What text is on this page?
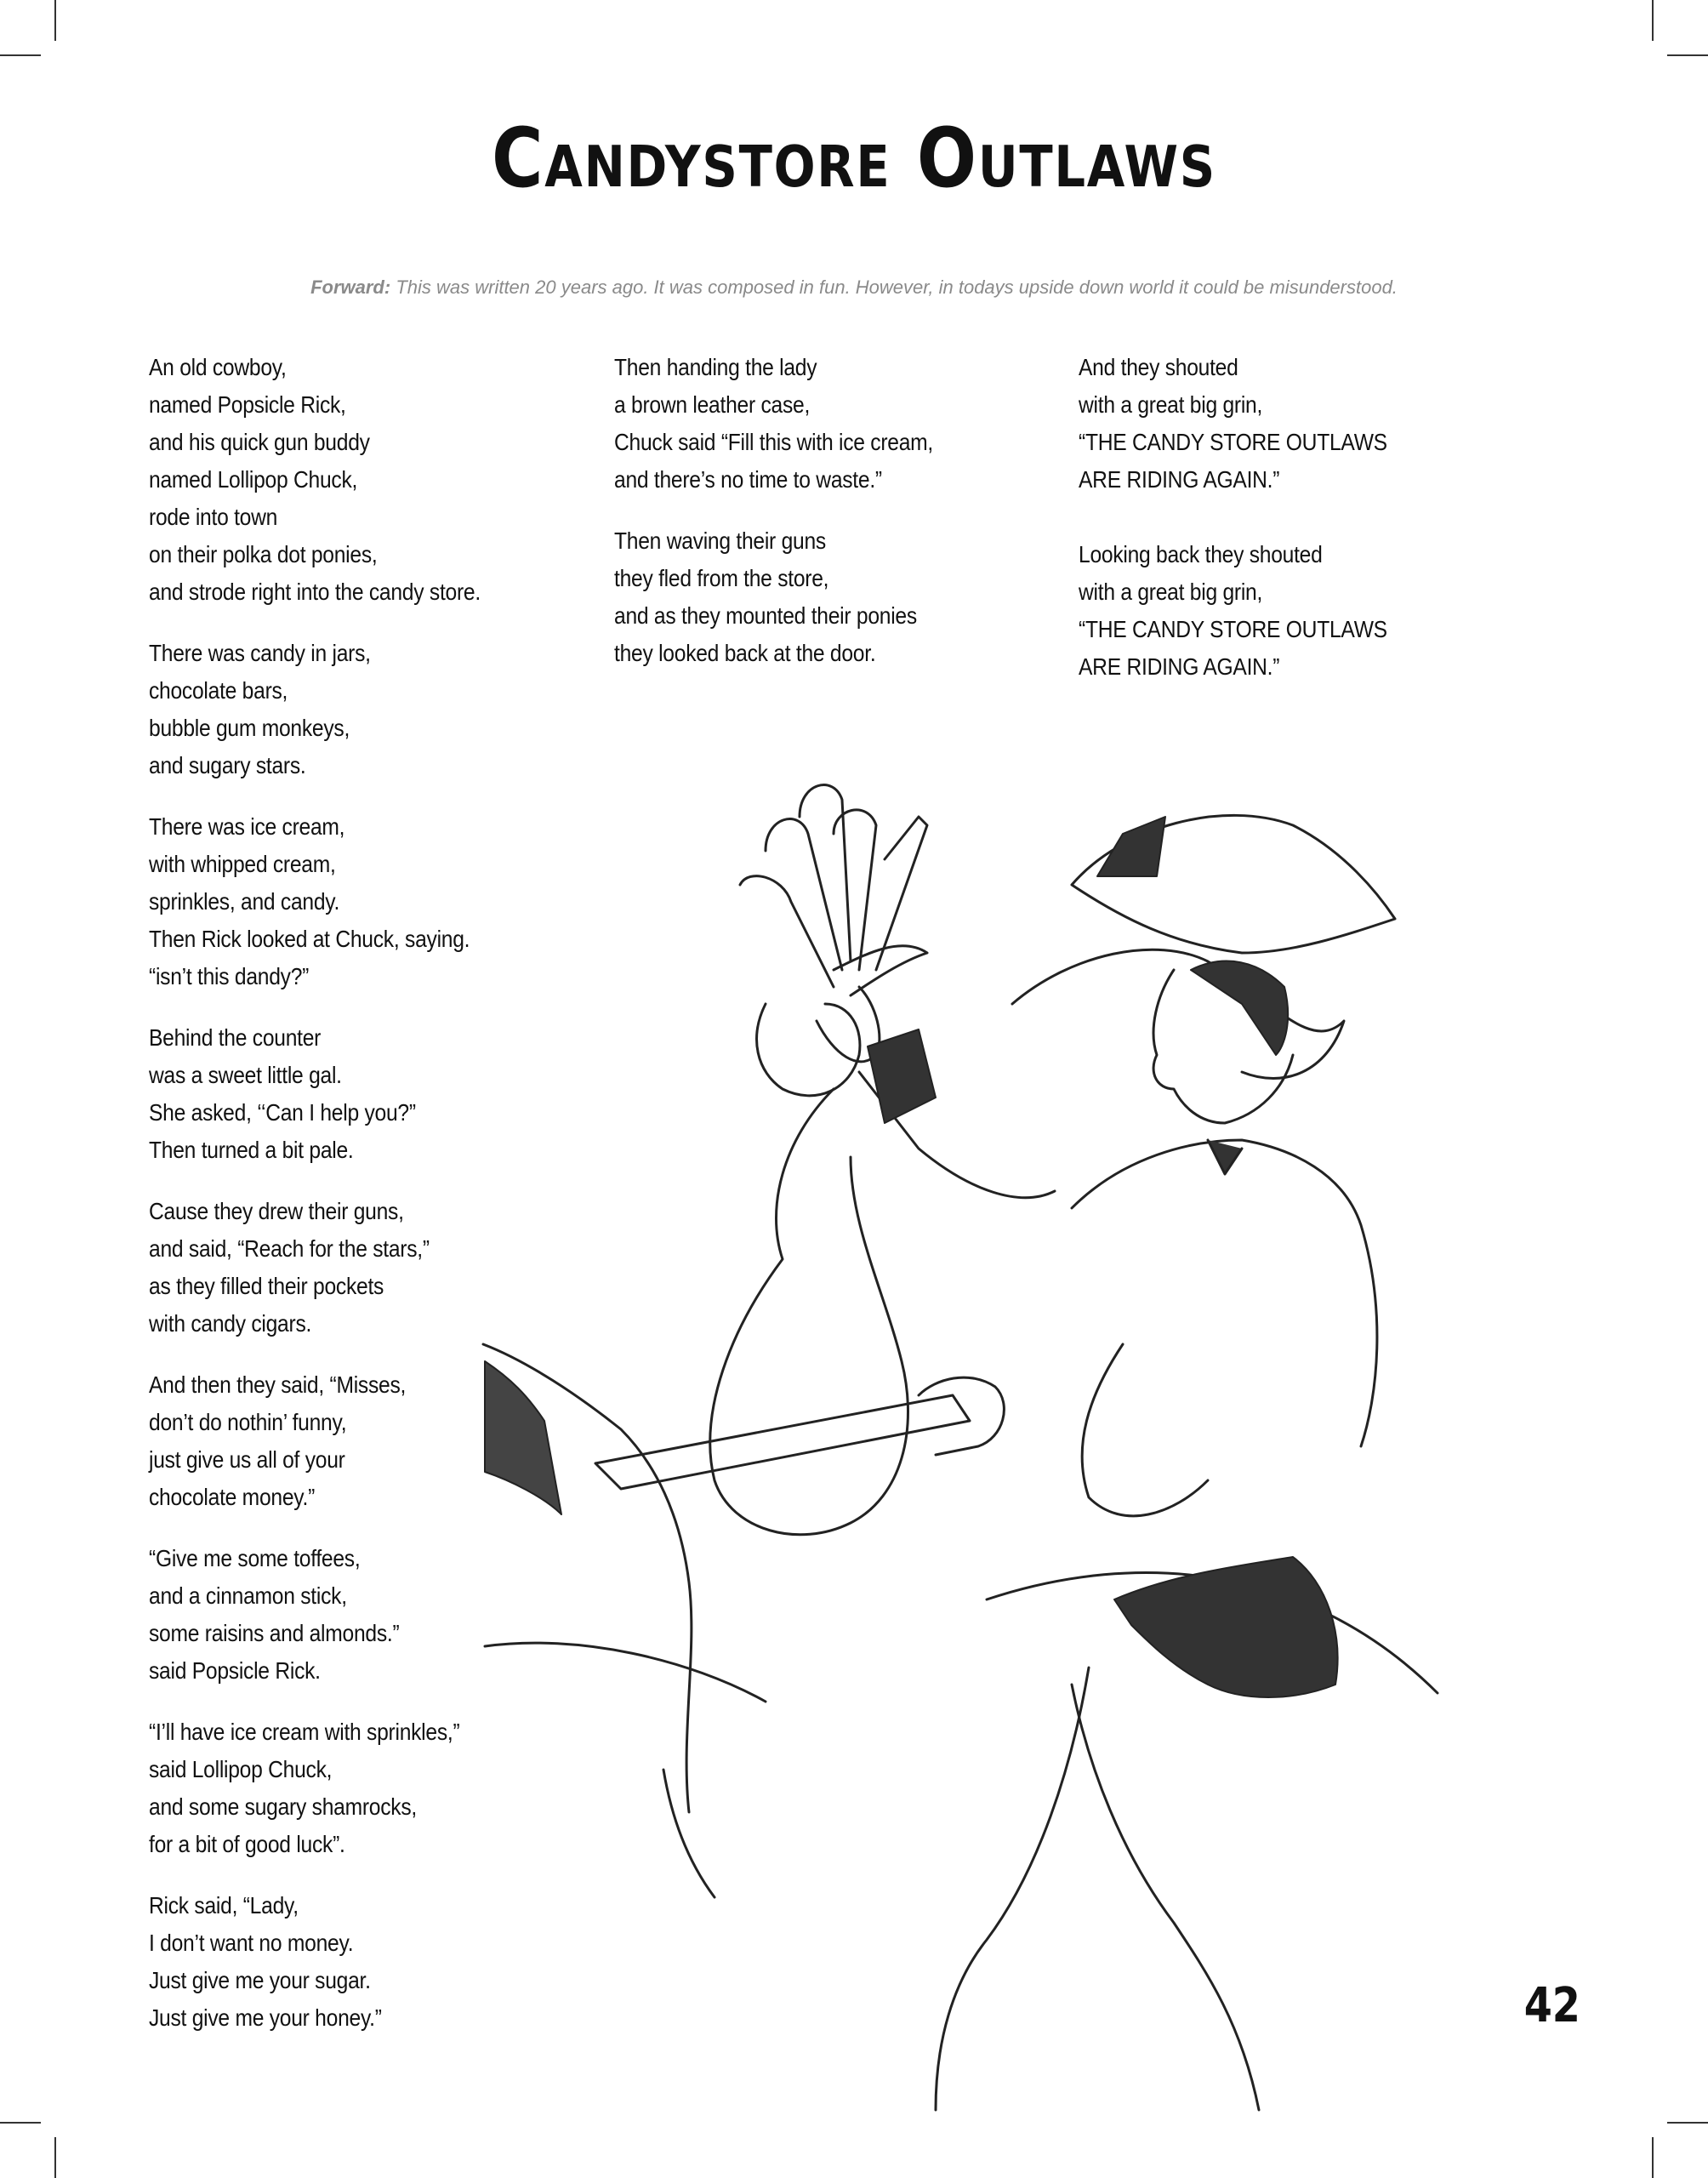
Candystore Outlaws
Forward: This was written 20 years ago. It was composed in fun. However, in todays upside down world it could be misunderstood.
An old cowboy,
named Popsicle Rick,
and his quick gun buddy
named Lollipop Chuck,
rode into town
on their polka dot ponies,
and strode right into the candy store.
There was candy in jars,
chocolate bars,
bubble gum monkeys,
and sugary stars.
There was ice cream,
with whipped cream,
sprinkles, and candy.
Then Rick looked at Chuck, saying.
“isn’t this dandy?”
Behind the counter
was a sweet little gal.
She asked, ‘‘Can I help you?”
Then turned a bit pale.
Cause they drew their guns,
and said, “Reach for the stars,”
as they filled their pockets
with candy cigars.
And then they said, “Misses,
don’t do nothin’ funny,
just give us all of your
chocolate money.”
“Give me some toffees,
and a cinnamon stick,
some raisins and almonds.”
said Popsicle Rick.
“I’ll have ice cream with sprinkles,”
said Lollipop Chuck,
and some sugary shamrocks,
for a bit of good luck”.
Rick said, “Lady,
I don’t want no money.
Just give me your sugar.
Just give me your honey.”
Then handing the lady
a brown leather case,
Chuck said “Fill this with ice cream,
and there’s no time to waste.”
Then waving their guns
they fled from the store,
and as they mounted their ponies
they looked back at the door.
And they shouted
with a great big grin,
“THE CANDY STORE OUTLAWS
ARE RIDING AGAIN.”
Looking back they shouted
with a great big grin,
“THE CANDY STORE OUTLAWS
ARE RIDING AGAIN.”
42
